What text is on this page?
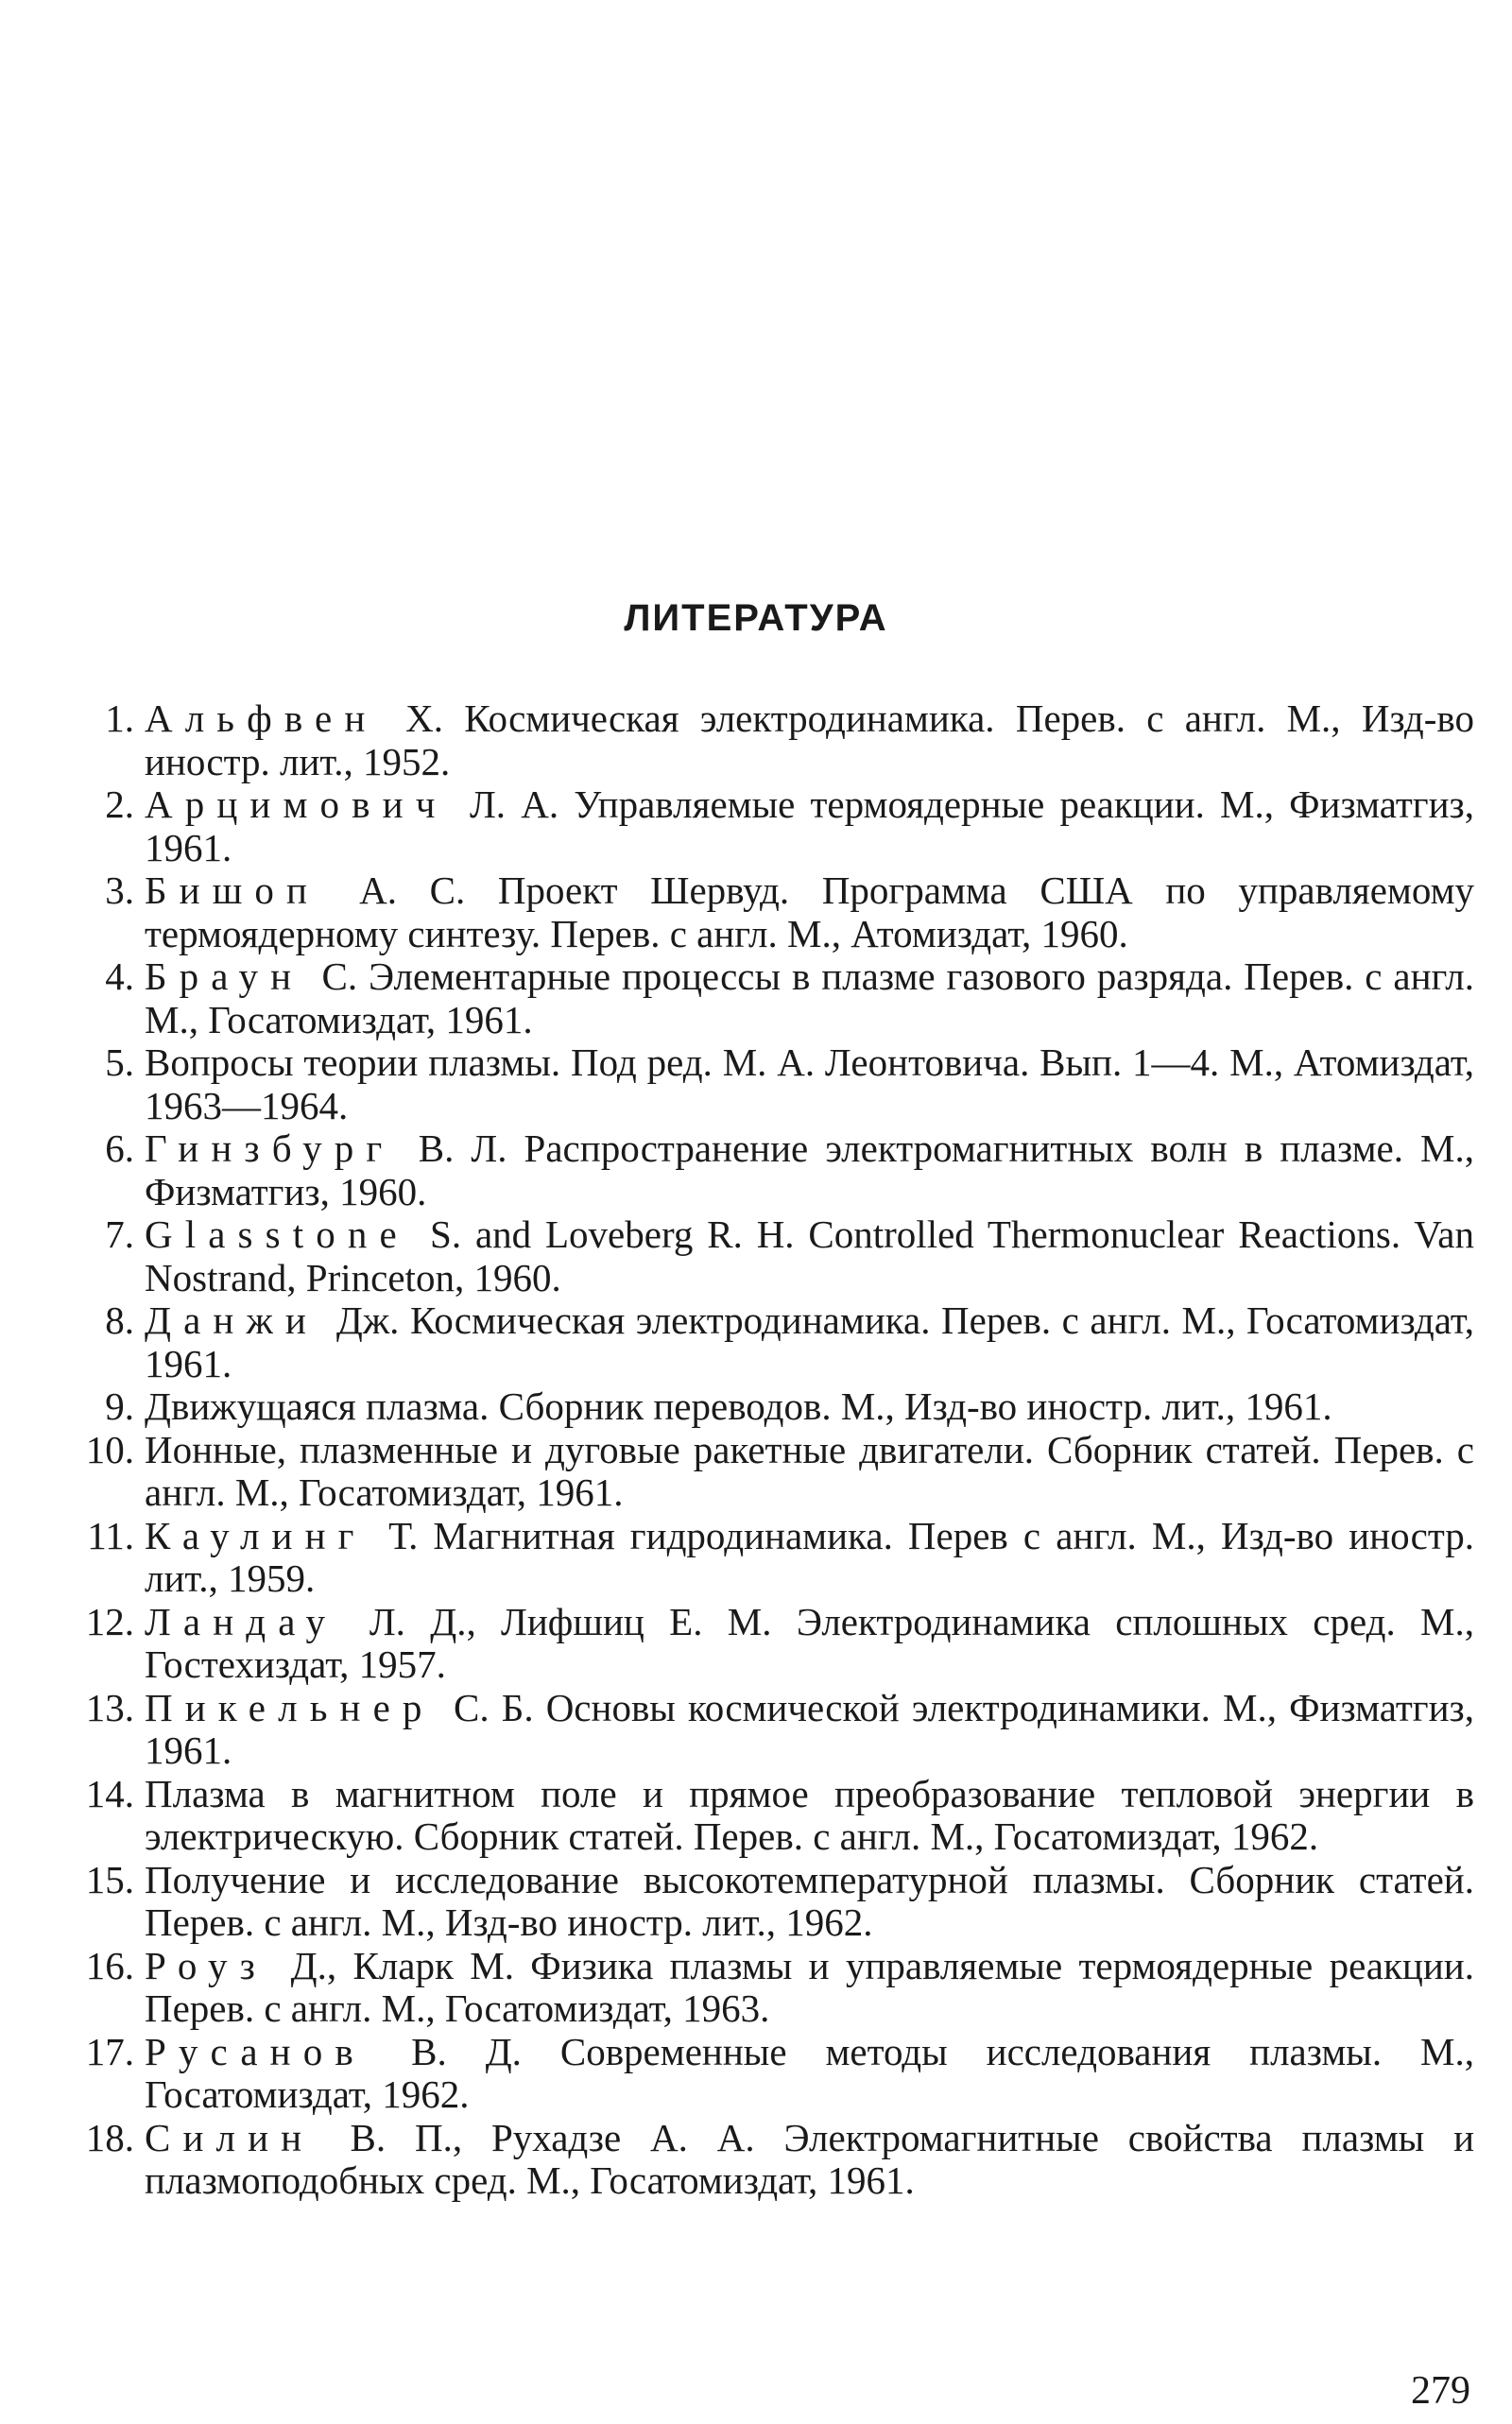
ЛИТЕРАТУРА
1. Альфвен Х. Космическая электродинамика. Перев. с англ. М., Изд-во иностр. лит., 1952.
2. Арцимович Л. А. Управляемые термоядерные реакции. М., Физматгиз, 1961.
3. Бишоп А. С. Проект Шервуд. Программа США по управляемому термоядерному синтезу. Перев. с англ. М., Атомиздат, 1960.
4. Браун С. Элементарные процессы в плазме газового разряда. Перев. с англ. М., Госатомиздат, 1961.
5. Вопросы теории плазмы. Под ред. М. А. Леонтовича. Вып. 1—4. М., Атомиздат, 1963—1964.
6. Гинзбург В. Л. Распространение электромагнитных волн в плазме. М., Физматгиз, 1960.
7. Glasstone S. and Loveberg R. H. Controlled Thermonuclear Reactions. Van Nostrand, Princeton, 1960.
8. Данжи Дж. Космическая электродинамика. Перев. с англ. М., Госатомиздат, 1961.
9. Движущаяся плазма. Сборник переводов. М., Изд-во иностр. лит., 1961.
10. Ионные, плазменные и дуговые ракетные двигатели. Сборник статей. Перев. с англ. М., Госатомиздат, 1961.
11. Каулинг Т. Магнитная гидродинамика. Перев с англ. М., Изд-во иностр. лит., 1959.
12. Ландау Л. Д., Лифшиц Е. М. Электродинамика сплошных сред. М., Гостехиздат, 1957.
13. Пикельнер С. Б. Основы космической электродинамики. М., Физматгиз, 1961.
14. Плазма в магнитном поле и прямое преобразование тепловой энергии в электрическую. Сборник статей. Перев. с англ. М., Госатомиздат, 1962.
15. Получение и исследование высокотемпературной плазмы. Сборник статей. Перев. с англ. М., Изд-во иностр. лит., 1962.
16. Роуз Д., Кларк М. Физика плазмы и управляемые термоядерные реакции. Перев. с англ. М., Госатомиздат, 1963.
17. Русанов В. Д. Современные методы исследования плазмы. М., Госатомиздат, 1962.
18. Силин В. П., Рухадзе А. А. Электромагнитные свойства плазмы и плазмоподобных сред. М., Госатомиздат, 1961.
279
